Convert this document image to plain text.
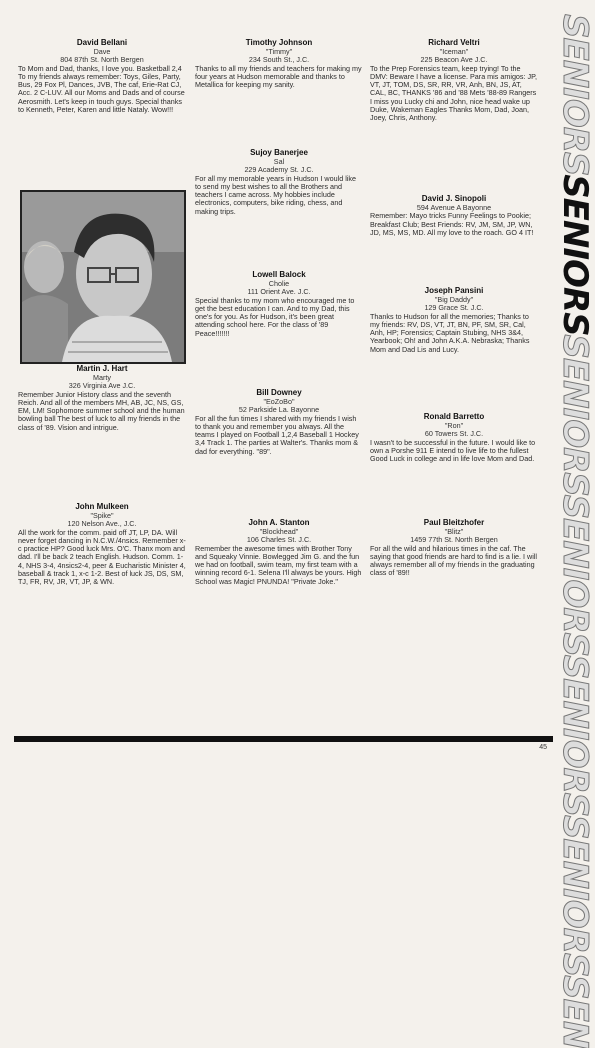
David Bellani
Dave
804 87th St. North Bergen
To Mom and Dad, thanks, I love you. Basketball 2,4 To my friends always remember: Toys, Giles, Party, Bus, 29 Fox Pl, Dances, JVB, The caf, Erie-Rat CJ, Acc. 2 C-LUV. All our Moms and Dads and of course Aerosmith. Let's keep in touch guys. Special thanks to Kenneth, Peter, Karen and little Nataly. Wow!!!
Martin J. Hart
Marty
326 Virginia Ave J.C.
Remember Junior History class and the seventh Reich. And all of the members MH, AB, JC, NS, GS, EM, LM! Sophomore summer school and the human bowling ball The best of luck to all my friends in the class of '89. Vision and intrigue.
John Mulkeen
"Spike"
120 Nelson Ave., J.C.
All the work for the comm. paid off JT, LP, DA. Will never forget dancing in N.C.W./4nsics. Remember x-c practice HP? Good luck Mrs. O'C. Thanx mom and dad. I'll be back 2 teach English. Hudson. Comm. 1-4, NHS 3-4, 4nsics2-4, peer & Eucharistic Minister 4, baseball & track 1, x-c 1-2. Best of luck JS, DS, SM, TJ, FR, RV, JR, VT, JP, & WN.
Timothy Johnson
"Timmy"
234 South St., J.C.
Thanks to all my friends and teachers for making my four years at Hudson memorable and thanks to Metallica for keeping my sanity.
Sujoy Banerjee
Sal
229 Academy St. J.C.
For all my memorable years in Hudson I would like to send my best wishes to all the Brothers and teachers I came across. My hobbies include electronics, computers, bike riding, chess, and making trips.
Lowell Balock
Cholie
111 Orient Ave. J.C.
Special thanks to my mom who encouraged me to get the best education I can. And to my Dad, this one's for you. As for Hudson, it's been great attending school here. For the class of '89 Peace!!!!!!!
Bill Downey
"EoZoBo"
52 Parkside La. Bayonne
For all the fun times I shared with my friends I wish to thank you and remember you always. All the teams I played on Football 1,2,4 Baseball 1 Hockey 3,4 Track 1. The parties at Walter's. Thanks mom & dad for everything. "89".
John A. Stanton
"Blockhead"
106 Charles St. J.C.
Remember the awesome times with Brother Tony and Squeaky Vinnie. Bowlegged Jim G. and the fun we had on football, swim team, my first team with a winning record 6-1. Selena I'll always be yours. High School was Magic! PNUNDA! "Private Joke."
Richard Veltri
"Iceman"
225 Beacon Ave J.C.
To the Prep Forensics team, keep trying! To the DMV: Beware I have a license. Para mis amigos: JP, VT, JT, TOM, DS, SR, RR, VR, Anh, BN, JS, AT, CAL, BC, THANKS '86 and '88 Mets '88-89 Rangers I miss you Lucky chi and John, nice head wake up Duke, Wakeman Eagles Thanks Mom, Dad, Joan, Joey, Chris, Anthony.
David J. Sinopoli
594 Avenue A Bayonne
Remember: Mayo tricks Funny Feelings to Pookie; Breakfast Club; Best Friends: RV, JM, SM, JP, WN, JD, MS, MS, MD. All my love to the roach. GO 4 IT!
Joseph Pansini
"Big Daddy"
129 Grace St. J.C.
Thanks to Hudson for all the memories; Thanks to my friends: RV, DS, VT, JT, BN, PF, SM, SR, Cal, Anh, HP; Forensics; Captain Stubing, NHS 3&4, Yearbook; Oh! and John A.K.A. Nebraska; Thanks Mom and Dad Lis and Lucy.
Ronald Barretto
"Ron"
60 Towers St. J.C.
I wasn't to be successful in the future. I would like to own a Porshe 911 E intend to live life to the fullest Good Luck in college and in life love Mom and Dad.
Paul Bleitzhofer
"Blitz"
1459 77th St. North Bergen
For all the wild and hilarious times in the caf. The saying that good friends are hard to find is a lie. I will always remember all of my friends in the graduating class of '89!!
SENIORSSENIORSSENIORSSENIORSSENIORSSENIORSSEN
45
